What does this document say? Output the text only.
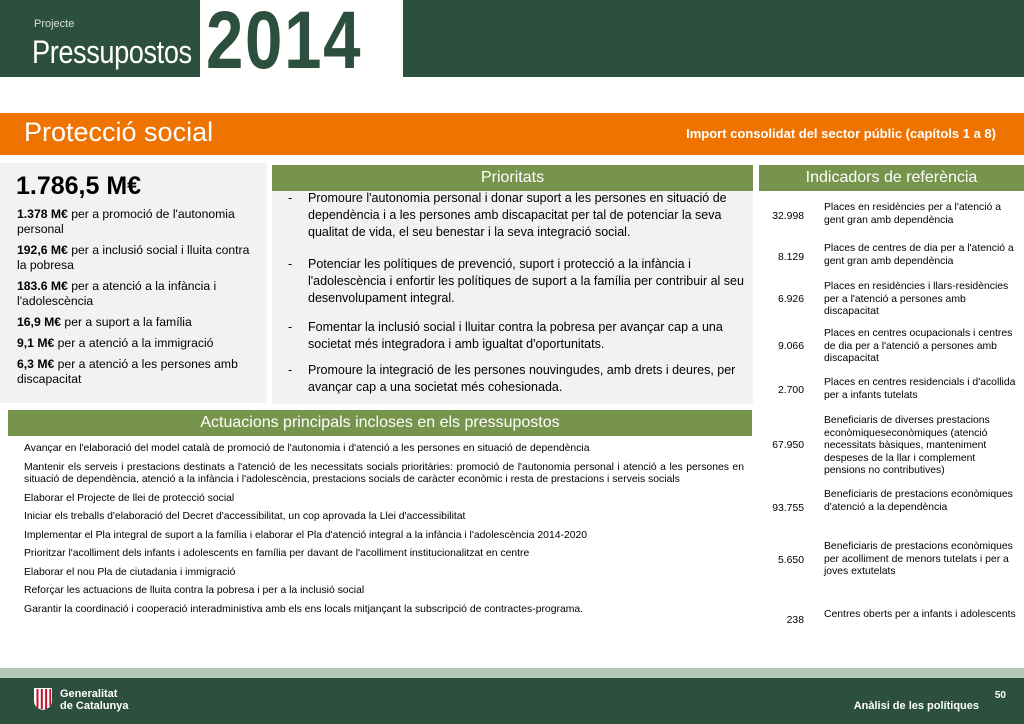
Projecte
Pressupostos 2014
Protecció social	Import consolidat del sector públic (capítols 1 a 8)
1.786,5 M€
1.378 M€ per a promoció de l'autonomia personal
192,6 M€ per a inclusió social i lluita contra la pobresa
183.6 M€ per a atenció a la infància i l'adolescència
16,9 M€ per a suport a la família
9,1 M€ per a atenció a la immigració
6,3 M€ per a atenció a les persones amb discapacitat
Prioritats
- Promoure l'autonomia personal i donar suport a les persones en situació de dependència i a les persones amb discapacitat per tal de potenciar la seva qualitat de vida, el seu benestar i la seva integració social.
- Potenciar les polítiques de prevenció, suport i protecció a la infància i l'adolescència i enfortir les polítiques de suport a la família per contribuir al seu desenvolupament integral.
- Fomentar la inclusió social i lluitar contra la pobresa per avançar cap a una societat més integradora i amb igualtat d'oportunitats.
- Promoure la integració de les persones nouvingudes, amb drets i deures, per avançar cap a una societat més cohesionada.
Indicadors de referència
32.998
Places en residències per a l'atenció a gent gran amb dependència
8.129
Places de centres de dia per a l'atenció a gent gran amb dependència
6.926
Places en residències i llars-residències per a l'atenció a persones amb discapacitat
9.066
Places en centres ocupacionals i centres de dia per a l'atenció a persones amb discapacitat
2.700
Places en centres residencials i d'acollida per a infants tutelats
67.950
Beneficiaris de diverses prestacions econòmiqueseconòmiques (atenció necessitats bàsiques, manteniment despeses de la llar i complement pensions no contributives)
93.755
Beneficiaris de prestacions econòmiques d'atenció a la dependència
5.650
Beneficiaris de prestacions econòmiques per acolliment de menors tutelats i per a joves extutelats
238
Centres oberts per a infants i adolescents
Actuacions principals incloses en els pressupostos
Avançar en l'elaboració del model català de promoció de l'autonomia i d'atenció a les persones en situació de dependència
Mantenir els serveis i prestacions destinats a l'atenció de les necessitats socials prioritàries: promoció de l'autonomia personal i atenció a les persones en situació de dependència, atenció a la infància i l'adolescència, prestacions socials de caràcter econòmic i resta de prestacions i serveis socials
Elaborar el Projecte de llei de protecció social
Iniciar els treballs d'elaboració del Decret d'accessibilitat, un cop aprovada la Llei d'accessibilitat
Implementar el Pla integral de suport a la família i elaborar el Pla d'atenció integral a la infància i l'adolescència 2014-2020
Prioritzar l'acolliment dels infants i adolescents en família per davant de l'acolliment institucionalitzat en centre
Elaborar el nou Pla de ciutadania i immigració
Reforçar les actuacions de lluita contra la pobresa i per a la inclusió social
Garantir la coordinació i cooperació interadministiva amb els ens locals mitjançant la subscripció de contractes-programa.
Generalitat
de Catalunya
50
Anàlisi de les polítiques
